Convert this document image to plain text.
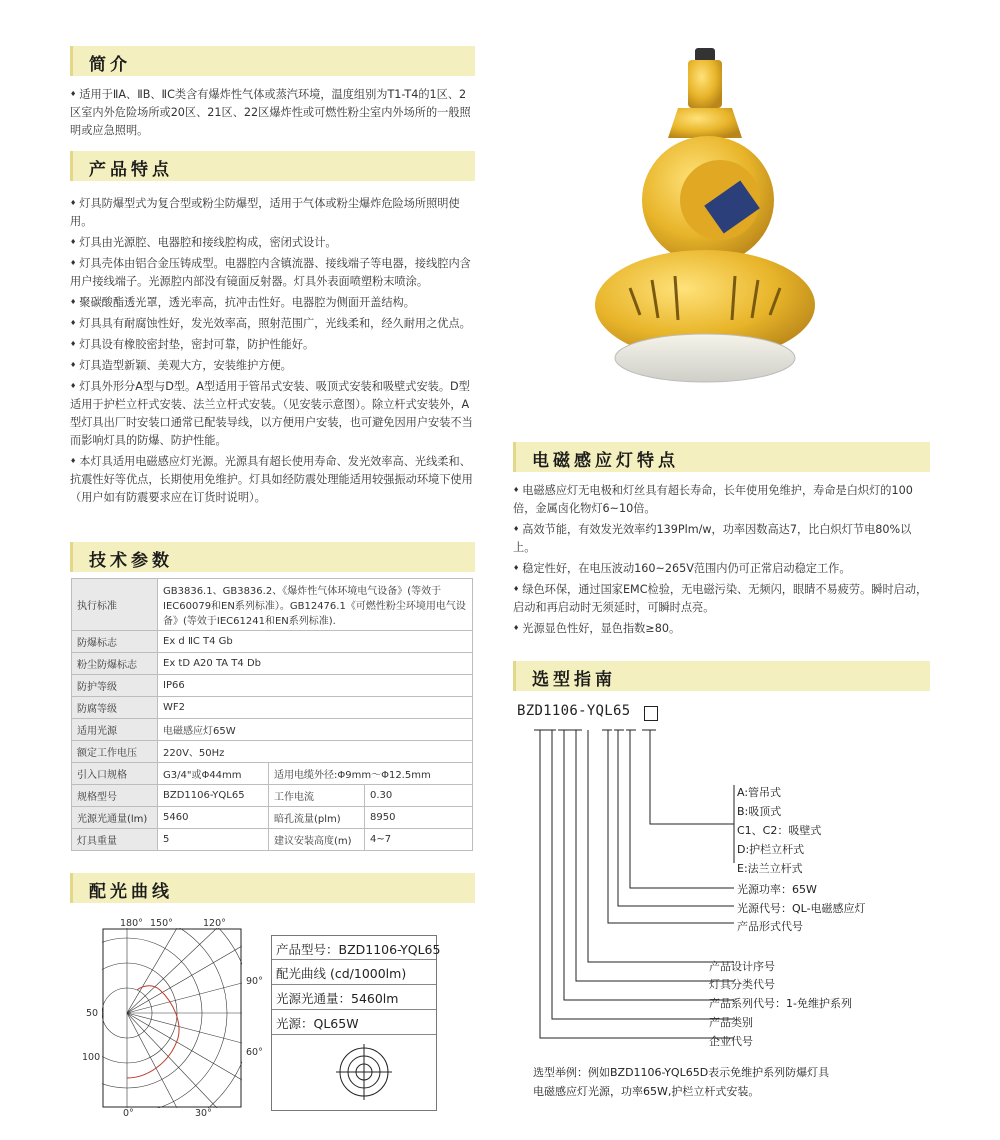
简介
产品特点
技术参数
配光曲线
电磁感应灯特点
选型指南
♦ 适用于ⅡA、ⅡB、ⅡC类含有爆炸性气体或蒸汽环境，温度组别为T1-T4的1区、2区室内外危险场所或20区、21区、22区爆炸性或可燃性粉尘室内外场所的一般照明或应急照明。
♦ 灯具防爆型式为复合型或粉尘防爆型，适用于气体或粉尘爆炸危险场所照明使用。
♦ 灯具由光源腔、电器腔和接线腔构成，密闭式设计。
♦ 灯具壳体由铝合金压铸成型。电器腔内含镇流器、接线端子等电器，接线腔内含用户接线端子。光源腔内部没有镜面反射器。灯具外表面喷塑粉末喷涂。
♦ 聚碳酸酯透光罩，透光率高，抗冲击性好。电器腔为侧面开盖结构。
♦ 灯具具有耐腐蚀性好，发光效率高，照射范围广，光线柔和，经久耐用之优点。
♦ 灯具设有橡胶密封垫，密封可靠，防护性能好。
♦ 灯具造型新颖、美观大方，安装维护方便。
♦ 灯具外形分A型与D型。A型适用于管吊式安装、吸顶式安装和吸壁式安装。D型适用于护栏立杆式安装、法兰立杆式安装。（见安装示意图）。除立杆式安装外，A型灯具出厂时安装口通常已配装导线，以方便用户安装，也可避免因用户安装不当而影响灯具的防爆、防护性能。
♦ 本灯具适用电磁感应灯光源。光源具有超长使用寿命、发光效率高、光线柔和、抗震性好等优点，长期使用免维护。灯具如经防震处理能适用较强振动环境下使用（用户如有防震要求应在订货时说明）。
执行标准	GB3836.1、GB3836.2、《爆炸性气体环境电气设备》(等效于IEC60079和EN系列标准）。GB12476.1《可燃性粉尘环境用电气设备》(等效于IEC61241和EN系列标准).		
防爆标志	Ex d ⅡC T4 Gb		
粉尘防爆标志	Ex tD A20 TA T4 Db		
防护等级	IP66		
防腐等级	WF2		
适用光源	电磁感应灯65W		
额定工作电压	220V、50Hz		
引入口规格	G3/4"或Φ44mm	适用电缆外径:Φ9mm～Φ12.5mm	
规格型号	BZD1106-YQL65	工作电流	0.30
光源光通量(lm)	5460	暗孔流量(plm)	8950
灯具重量	5	建议安装高度(m)	4~7
180° 150°	120°
90°
60°
50
100
0°	30°
产品型号：BZD1106-YQL65
配光曲线 (cd/1000lm)
光源光通量：5460lm
光源：QL65W
♦ 电磁感应灯无电极和灯丝具有超长寿命，长年使用免维护，寿命是白炽灯的100倍，金属卤化物灯6~10倍。
♦ 高效节能，有效发光效率约139Plm/w，功率因数高达7，比白炽灯节电80%以上。
♦ 稳定性好，在电压波动160~265V范围内仍可正常启动稳定工作。
♦ 绿色环保，通过国家EMC检验，无电磁污染、无频闪，眼睛不易疲劳。瞬时启动，启动和再启动时无须延时，可瞬时点亮。
♦ 光源显色性好，显色指数≥80。
BZD1106-YQL65
A:管吊式
B:吸顶式
C1、C2：吸壁式
D:护栏立杆式
E:法兰立杆式
光源功率：65W
光源代号：QL-电磁感应灯
产品形式代号
产品设计序号
灯具分类代号
产品系列代号：1-免维护系列
产品类别
企业代号
选型举例：例如BZD1106-YQL65D表示免维护系列防爆灯具
电磁感应灯光源，功率65W,护栏立杆式安装。
